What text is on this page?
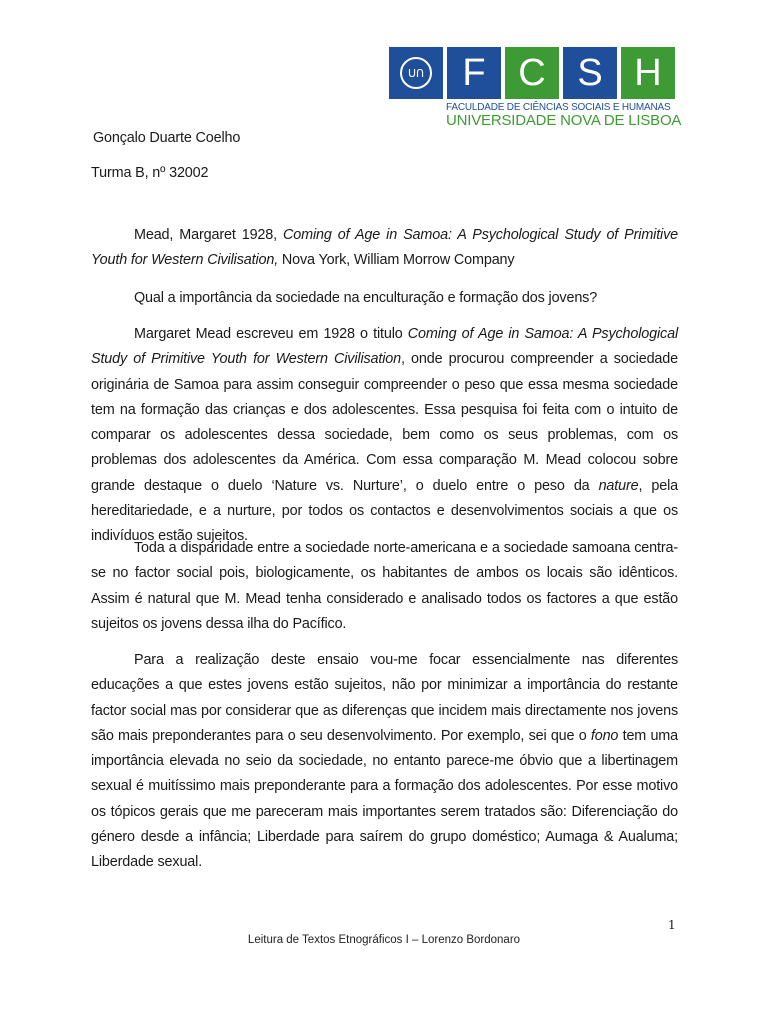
ᑌᑎ	F C S H
FACULDADE DE CIÊNCIAS SOCIAIS E HUMANAS
UNIVERSIDADE NOVA DE LISBOA
Gonçalo Duarte Coelho
Turma B, nº 32002

Mead, Margaret 1928, Coming of Age in Samoa: A Psychological Study of Primitive Youth for Western Civilisation, Nova York, William Morrow Company

Qual a importância da sociedade na enculturação e formação dos jovens?

Margaret Mead escreveu em 1928 o titulo Coming of Age in Samoa: A Psychological Study of Primitive Youth for Western Civilisation, onde procurou compreender a sociedade originária de Samoa para assim conseguir compreender o peso que essa mesma sociedade tem na formação das crianças e dos adolescentes. Essa pesquisa foi feita com o intuito de comparar os adolescentes dessa sociedade, bem como os seus problemas, com os problemas dos adolescentes da América. Com essa comparação M. Mead colocou sobre grande destaque o duelo ‘Nature vs. Nurture’, o duelo entre o peso da nature, pela hereditariedade, e a nurture, por todos os contactos e desenvolvimentos sociais a que os indivíduos estão sujeitos.

Toda a disparidade entre a sociedade norte-americana e a sociedade samoana centra-se no factor social pois, biologicamente, os habitantes de ambos os locais são idênticos. Assim é natural que M. Mead tenha considerado e analisado todos os factores a que estão sujeitos os jovens dessa ilha do Pacífico.

Para a realização deste ensaio vou-me focar essencialmente nas diferentes educações a que estes jovens estão sujeitos, não por minimizar a importância do restante factor social mas por considerar que as diferenças que incidem mais directamente nos jovens são mais preponderantes para o seu desenvolvimento. Por exemplo, sei que o fono tem uma importância elevada no seio da sociedade, no entanto parece-me óbvio que a libertinagem sexual é muitíssimo mais preponderante para a formação dos adolescentes. Por esse motivo os tópicos gerais que me pareceram mais importantes serem tratados são: Diferenciação do género desde a infância; Liberdade para saírem do grupo doméstico; Aumaga & Aualuma; Liberdade sexual.

1
Leitura de Textos Etnográficos I – Lorenzo Bordonaro
